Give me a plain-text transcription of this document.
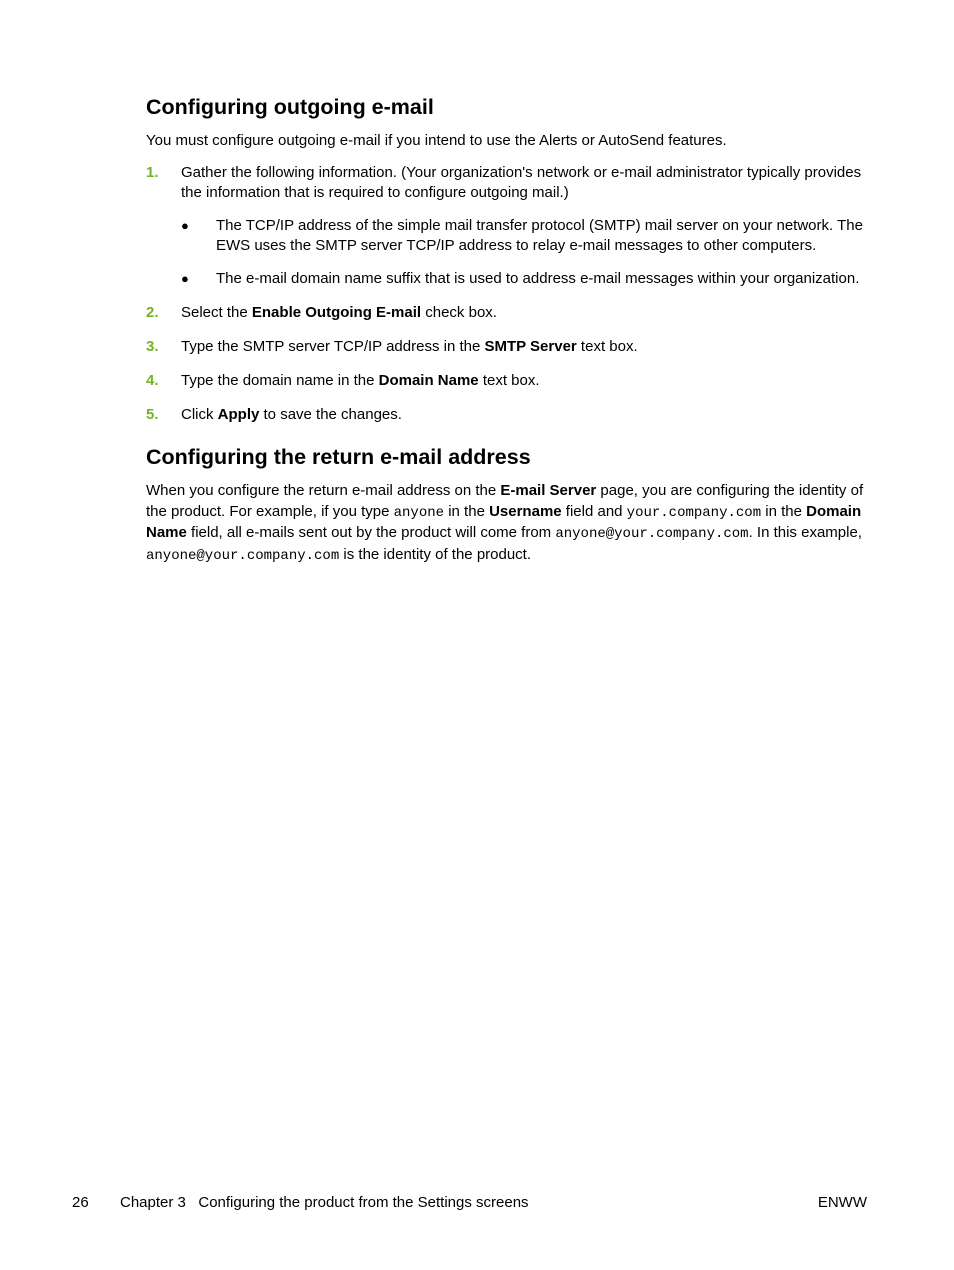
Configuring outgoing e-mail

You must configure outgoing e-mail if you intend to use the Alerts or AutoSend features.

1. Gather the following information. (Your organization's network or e-mail administrator typically provides the information that is required to configure outgoing mail.)
● The TCP/IP address of the simple mail transfer protocol (SMTP) mail server on your network. The EWS uses the SMTP server TCP/IP address to relay e-mail messages to other computers.
● The e-mail domain name suffix that is used to address e-mail messages within your organization.
2. Select the Enable Outgoing E-mail check box.
3. Type the SMTP server TCP/IP address in the SMTP Server text box.
4. Type the domain name in the Domain Name text box.
5. Click Apply to save the changes.
Configuring the return e-mail address

When you configure the return e-mail address on the E-mail Server page, you are configuring the identity of the product. For example, if you type anyone in the Username field and your.company.com in the Domain Name field, all e-mails sent out by the product will come from anyone@your.company.com. In this example, anyone@your.company.com is the identity of the product.

26 Chapter 3   Configuring the product from the Settings screens	ENWW
